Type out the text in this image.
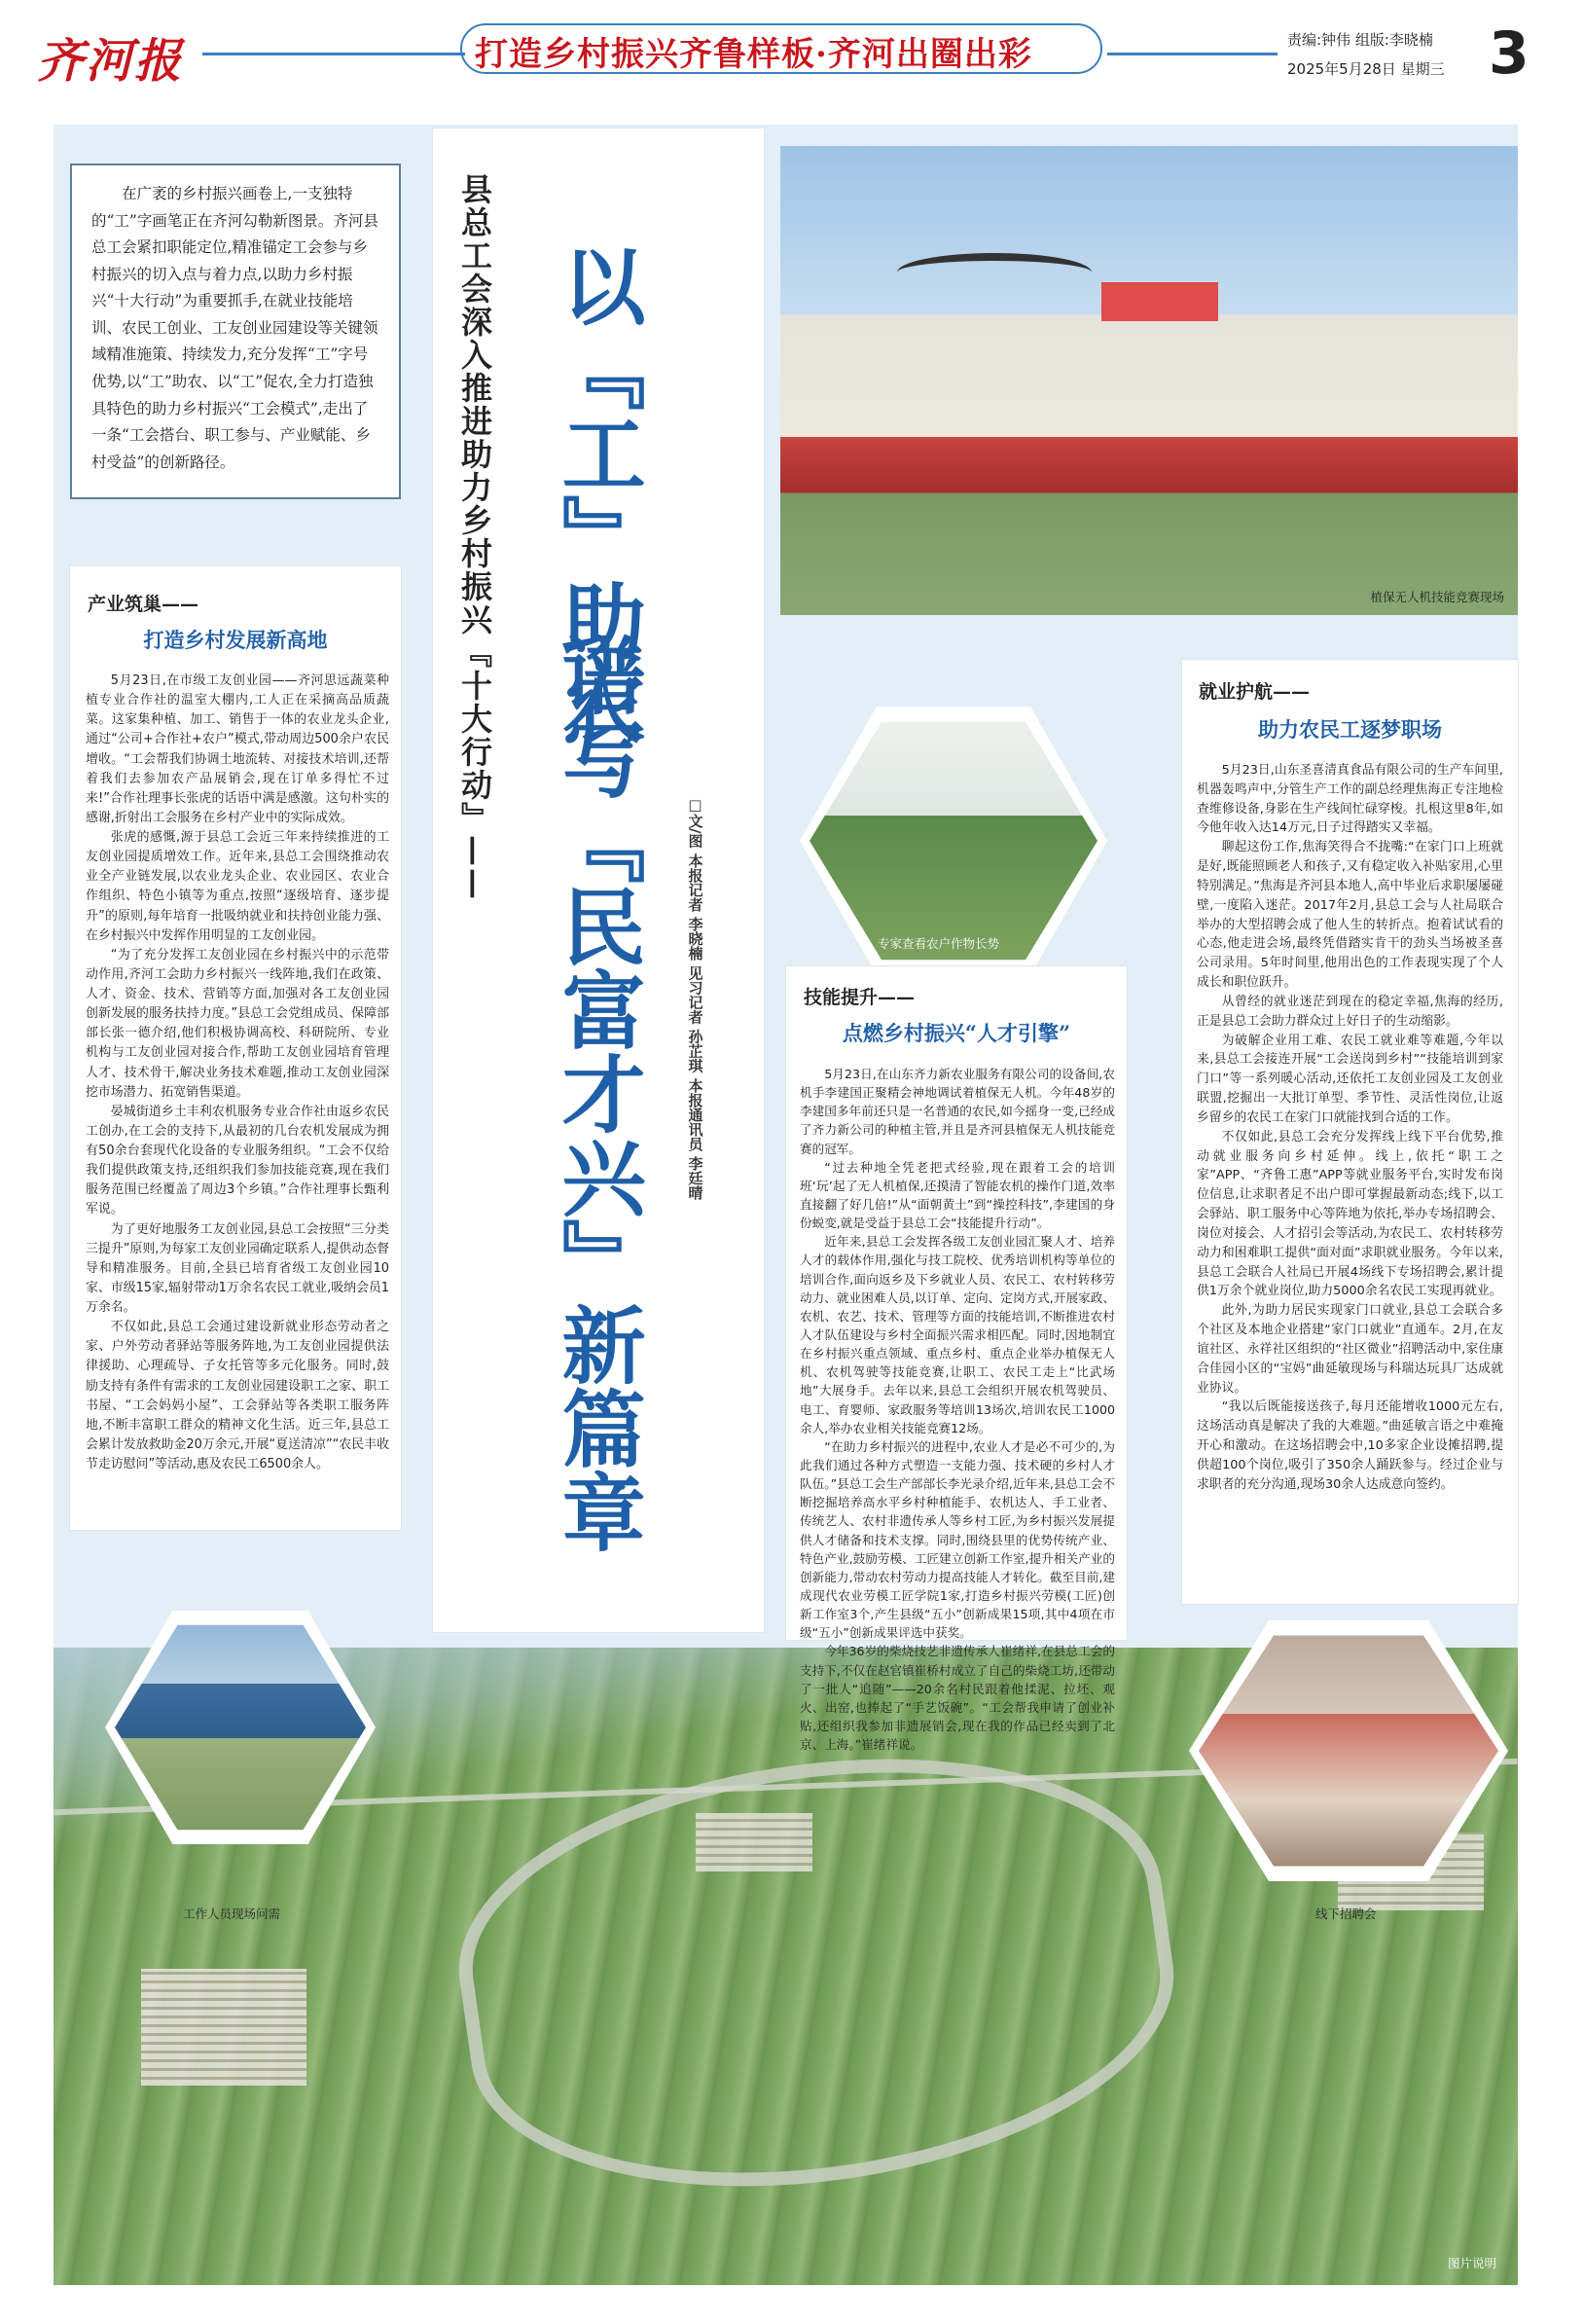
齐河报	打造乡村振兴齐鲁样板·齐河出圈出彩	责编:钟伟 组版:李晓楠
2025年5月28日 星期三 3
图片说明
在广袤的乡村振兴画卷上,一支独特的“工”字画笔正在齐河勾勒新图景。齐河县总工会紧扣职能定位,精准锚定工会参与乡村振兴的切入点与着力点,以助力乡村振兴“十大行动”为重要抓手,在就业技能培训、农民工创业、工友创业园建设等关键领域精准施策、持续发力,充分发挥“工”字号优势,以“工”助农、以“工”促农,全力打造独具特色的助力乡村振兴“工会模式”,走出了一条“工会搭台、职工参与、产业赋能、乡村受益”的创新路径。	县总工会深入推进助力乡村振兴『十大行动』—— 以『工』助农
谱写『民富才兴』新篇章	□文/图 本报记者 李晓楠 见习记者 孙芷琪 本报通讯员 李廷晴
产业筑巢——
打造乡村发展新高地

5月23日,在市级工友创业园——齐河思远蔬菜种植专业合作社的温室大棚内,工人正在采摘高品质蔬菜。这家集种植、加工、销售于一体的农业龙头企业,通过“公司+合作社+农户”模式,带动周边500余户农民增收。“工会帮我们协调土地流转、对接技术培训,还帮着我们去参加农产品展销会,现在订单多得忙不过来!”合作社理事长张虎的话语中满是感激。这句朴实的感谢,折射出工会服务在乡村产业中的实际成效。

张虎的感慨,源于县总工会近三年来持续推进的工友创业园提质增效工作。近年来,县总工会围绕推动农业全产业链发展,以农业龙头企业、农业园区、农业合作组织、特色小镇等为重点,按照“逐级培育、逐步提升”的原则,每年培育一批吸纳就业和扶持创业能力强、在乡村振兴中发挥作用明显的工友创业园。

“为了充分发挥工友创业园在乡村振兴中的示范带动作用,齐河工会助力乡村振兴一线阵地,我们在政策、人才、资金、技术、营销等方面,加强对各工友创业园创新发展的服务扶持力度。”县总工会党组成员、保障部部长张一德介绍,他们积极协调高校、科研院所、专业机构与工友创业园对接合作,帮助工友创业园培育管理人才、技术骨干,解决业务技术难题,推动工友创业园深挖市场潜力、拓宽销售渠道。

晏城街道乡土丰利农机服务专业合作社由返乡农民工创办,在工会的支持下,从最初的几台农机发展成为拥有50余台套现代化设备的专业服务组织。“工会不仅给我们提供政策支持,还组织我们参加技能竞赛,现在我们服务范围已经覆盖了周边3个乡镇。”合作社理事长甄利军说。

为了更好地服务工友创业园,县总工会按照“三分类三提升”原则,为每家工友创业园确定联系人,提供动态督导和精准服务。目前,全县已培育省级工友创业园10家、市级15家,辐射带动1万余名农民工就业,吸纳会员1万余名。

不仅如此,县总工会通过建设新就业形态劳动者之家、户外劳动者驿站等服务阵地,为工友创业园提供法律援助、心理疏导、子女托管等多元化服务。同时,鼓励支持有条件有需求的工友创业园建设职工之家、职工书屋、“工会妈妈小屋”、工会驿站等各类职工服务阵地,不断丰富职工群众的精神文化生活。近三年,县总工会累计发放救助金20万余元,开展“夏送清凉”“农民丰收节走访慰问”等活动,惠及农民工6500余人。

工作人员现场问需
植保无人机技能竞赛现场
专家查看农户作物长势
技能提升——
点燃乡村振兴“人才引擎”

5月23日,在山东齐力新农业服务有限公司的设备间,农机手李建国正聚精会神地调试着植保无人机。今年48岁的李建国多年前还只是一名普通的农民,如今摇身一变,已经成了齐力新公司的种植主管,并且是齐河县植保无人机技能竞赛的冠军。

“过去种地全凭老把式经验,现在跟着工会的培训班‘玩’起了无人机植保,还摸清了智能农机的操作门道,效率直接翻了好几倍!”从“面朝黄土”到“操控科技”,李建国的身份蜕变,就是受益于县总工会“技能提升行动”。

近年来,县总工会发挥各级工友创业园汇聚人才、培养人才的载体作用,强化与技工院校、优秀培训机构等单位的培训合作,面向返乡及下乡就业人员、农民工、农村转移劳动力、就业困难人员,以订单、定向、定岗方式,开展家政、农机、农艺、技术、管理等方面的技能培训,不断推进农村人才队伍建设与乡村全面振兴需求相匹配。同时,因地制宜在乡村振兴重点领域、重点乡村、重点企业举办植保无人机、农机驾驶等技能竞赛,让职工、农民工走上“比武场地”大展身手。去年以来,县总工会组织开展农机驾驶员、电工、育婴师、家政服务等培训13场次,培训农民工1000余人,举办农业相关技能竞赛12场。

“在助力乡村振兴的进程中,农业人才是必不可少的,为此我们通过各种方式塑造一支能力强、技术硬的乡村人才队伍。”县总工会生产部部长李光录介绍,近年来,县总工会不断挖掘培养高水平乡村种植能手、农机达人、手工业者、传统艺人、农村非遗传承人等乡村工匠,为乡村振兴发展提供人才储备和技术支撑。同时,围绕县里的优势传统产业、特色产业,鼓励劳模、工匠建立创新工作室,提升相关产业的创新能力,带动农村劳动力提高技能人才转化。截至目前,建成现代农业劳模工匠学院1家,打造乡村振兴劳模(工匠)创新工作室3个,产生县级“五小”创新成果15项,其中4项在市级“五小”创新成果评选中获奖。

今年36岁的柴烧技艺非遗传承人崔绪祥,在县总工会的支持下,不仅在赵官镇崔桥村成立了自己的柴烧工坊,还带动了一批人“追随”——20余名村民跟着他揉泥、拉坯、观火、出窑,也捧起了“手艺饭碗”。“工会帮我申请了创业补贴,还组织我参加非遗展销会,现在我的作品已经卖到了北京、上海。”崔绪祥说。

就业护航——
助力农民工逐梦职场

5月23日,山东圣喜清真食品有限公司的生产车间里,机器轰鸣声中,分管生产工作的副总经理焦海正专注地检查维修设备,身影在生产线间忙碌穿梭。扎根这里8年,如今他年收入达14万元,日子过得踏实又幸福。

聊起这份工作,焦海笑得合不拢嘴:“在家门口上班就是好,既能照顾老人和孩子,又有稳定收入补贴家用,心里特别满足。”焦海是齐河县本地人,高中毕业后求职屡屡碰壁,一度陷入迷茫。2017年2月,县总工会与人社局联合举办的大型招聘会成了他人生的转折点。抱着试试看的心态,他走进会场,最终凭借踏实肯干的劲头当场被圣喜公司录用。5年时间里,他用出色的工作表现实现了个人成长和职位跃升。

从曾经的就业迷茫到现在的稳定幸福,焦海的经历,正是县总工会助力群众过上好日子的生动缩影。

为破解企业用工难、农民工就业难等难题,今年以来,县总工会接连开展“工会送岗到乡村”“技能培训到家门口”等一系列暖心活动,还依托工友创业园及工友创业联盟,挖掘出一大批订单型、季节性、灵活性岗位,让返乡留乡的农民工在家门口就能找到合适的工作。

不仅如此,县总工会充分发挥线上线下平台优势,推动就业服务向乡村延伸。线上,依托“职工之家”APP、“齐鲁工惠”APP等就业服务平台,实时发布岗位信息,让求职者足不出户即可掌握最新动态;线下,以工会驿站、职工服务中心等阵地为依托,举办专场招聘会、岗位对接会、人才招引会等活动,为农民工、农村转移劳动力和困难职工提供“面对面”求职就业服务。今年以来,县总工会联合人社局已开展4场线下专场招聘会,累计提供1万余个就业岗位,助力5000余名农民工实现再就业。

此外,为助力居民实现家门口就业,县总工会联合多个社区及本地企业搭建“家门口就业”直通车。2月,在友谊社区、永祥社区组织的“社区微业”招聘活动中,家住康合佳园小区的“宝妈”曲延敏现场与科瑞达玩具厂达成就业协议。

“我以后既能接送孩子,每月还能增收1000元左右,这场活动真是解决了我的大难题。”曲延敏言语之中难掩开心和激动。在这场招聘会中,10多家企业设摊招聘,提供超100个岗位,吸引了350余人踊跃参与。经过企业与求职者的充分沟通,现场30余人达成意向签约。

线下招聘会
